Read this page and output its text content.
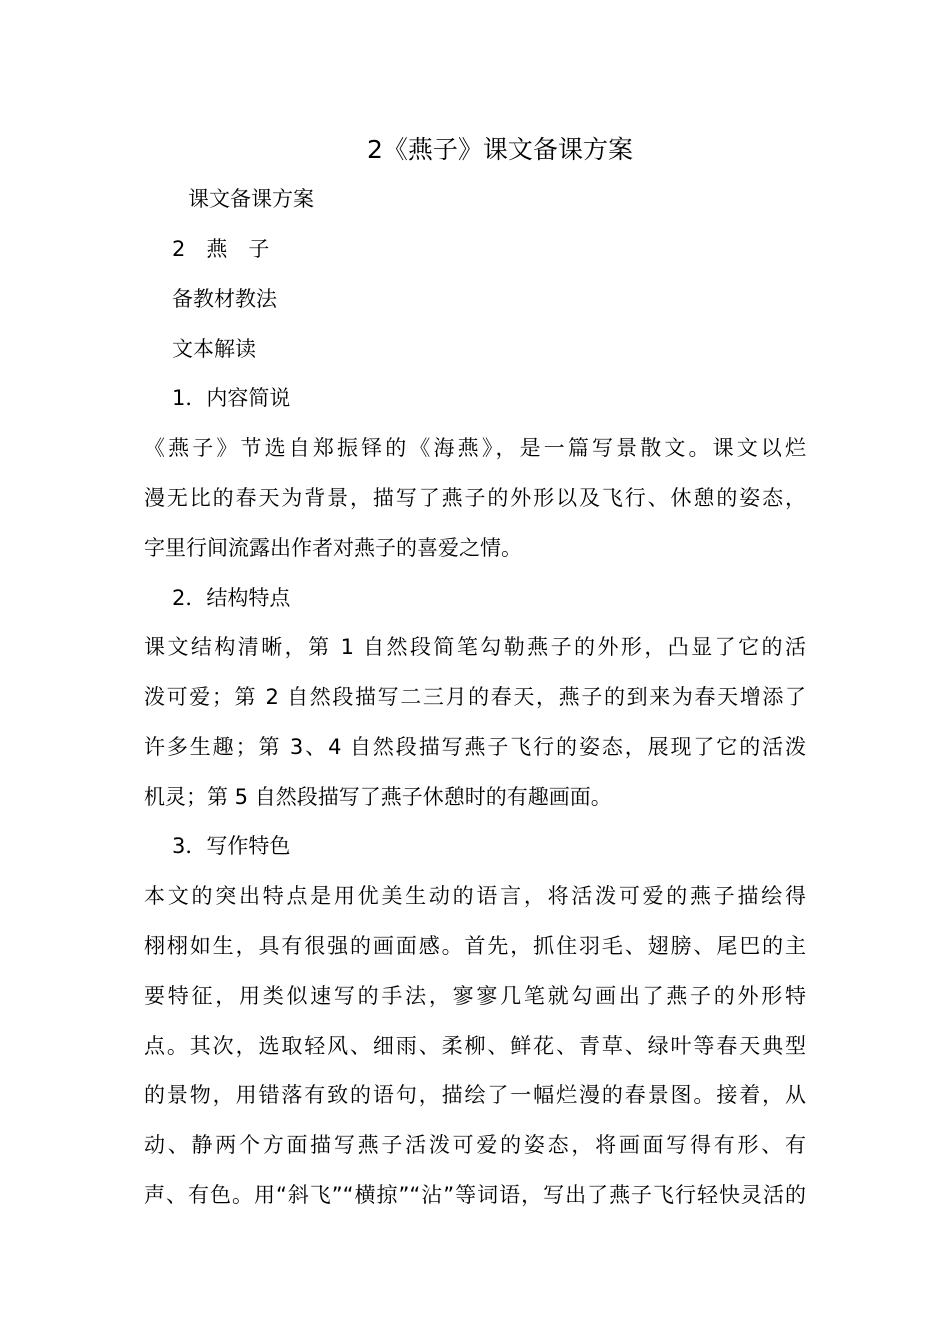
2《燕子》课文备课方案
课文备课方案
2　燕　子
备教材教法
文本解读
1．内容简说
《燕子》节选自郑振铎的《海燕》，是一篇写景散文。课文以烂
漫无比的春天为背景，描写了燕子的外形以及飞行、休憩的姿态，
字里行间流露出作者对燕子的喜爱之情。
2．结构特点
课文结构清晰，第 1 自然段简笔勾勒燕子的外形，凸显了它的活
泼可爱；第 2 自然段描写二三月的春天，燕子的到来为春天增添了
许多生趣；第 3、4 自然段描写燕子飞行的姿态，展现了它的活泼
机灵；第 5 自然段描写了燕子休憩时的有趣画面。
3．写作特色
本文的突出特点是用优美生动的语言，将活泼可爱的燕子描绘得
栩栩如生，具有很强的画面感。首先，抓住羽毛、翅膀、尾巴的主
要特征，用类似速写的手法，寥寥几笔就勾画出了燕子的外形特
点。其次，选取轻风、细雨、柔柳、鲜花、青草、绿叶等春天典型
的景物，用错落有致的语句，描绘了一幅烂漫的春景图。接着，从
动、静两个方面描写燕子活泼可爱的姿态，将画面写得有形、有
声、有色。用“斜飞”“横掠”“沾”等词语，写出了燕子飞行轻快灵活的
